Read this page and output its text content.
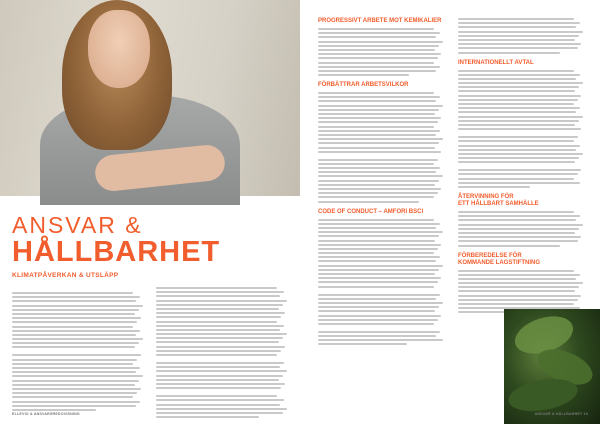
ANSVAR &
HÅLLBARHET
KLIMATPÅVERKAN & UTSLÄPP
ELLEVIO & ANSVARSREDOVISNING
PROGRESSIVT ARBETE MOT KEMIKALIER
FÖRBÄTTRAR ARBETSVILKOR
CODE OF CONDUCT – AMFORI BSCI
INTERNATIONELLT AVTAL
ÅTERVINNING FÖR
ETT HÅLLBART SAMHÄLLE
FÖRBEREDELSE FÖR
KOMMANDE LAGSTIFTNING
ANSVAR & HÅLLBARHET 19
